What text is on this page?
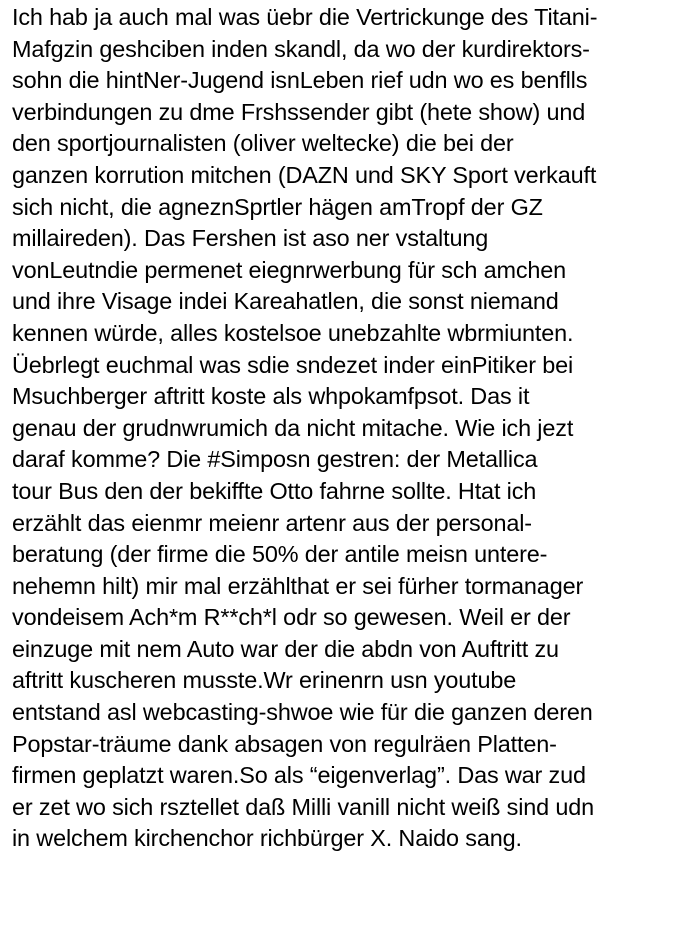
Ich hab ja auch mal was üebr die Vertrickunge des Titani-
Mafgzin geshciben inden skandl, da wo der kurdirektors-
sohn die hintNer-Jugend isnLeben rief udn wo es benflls
verbindungen zu dme Frshssender gibt (hete show) und
den sportjournalisten (oliver weltecke) die bei der
ganzen korrution mitchen (DAZN und SKY Sport verkauft
sich nicht, die agneznSprtler hägen amTropf der GZ
millaireden). Das Fershen ist aso ner vstaltung
vonLeutndie permenet eiegnrwerbung für sch amchen
und ihre Visage indei Kareahatlen, die sonst niemand
kennen würde, alles kostelsoe unebzahlte wbrmiunten.
Üebrlegt euchmal was sdie sndezet inder einPitiker bei
Msuchberger aftritt koste als whpokamfpsot. Das it
genau der grudnwrumich da nicht mitache. Wie ich jezt
daraf komme? Die #Simposn gestren: der Metallica
tour Bus den der bekiffte Otto fahrne sollte. Htat ich
erzählt das eienmr meienr artenr aus der personal-
beratung (der firme die 50% der antile meisn untere-
nehemn hilt) mir mal erzählthat er sei fürher tormanager
vondeisem Ach*m R**ch*l odr so gewesen. Weil er der
einzuge mit nem Auto war der die abdn von Auftritt zu
aftritt kuscheren musste.Wr erinenrn usn youtube
entstand asl webcasting-shwoe wie für die ganzen deren
Popstar-träume dank absagen von regulräen Platten-
firmen geplatzt waren.So als “eigenverlag”. Das war zud
er zet wo sich rsztellet daß Milli vanill nicht weiß sind udn
in welchem kirchenchor richbürger X. Naido sang.
